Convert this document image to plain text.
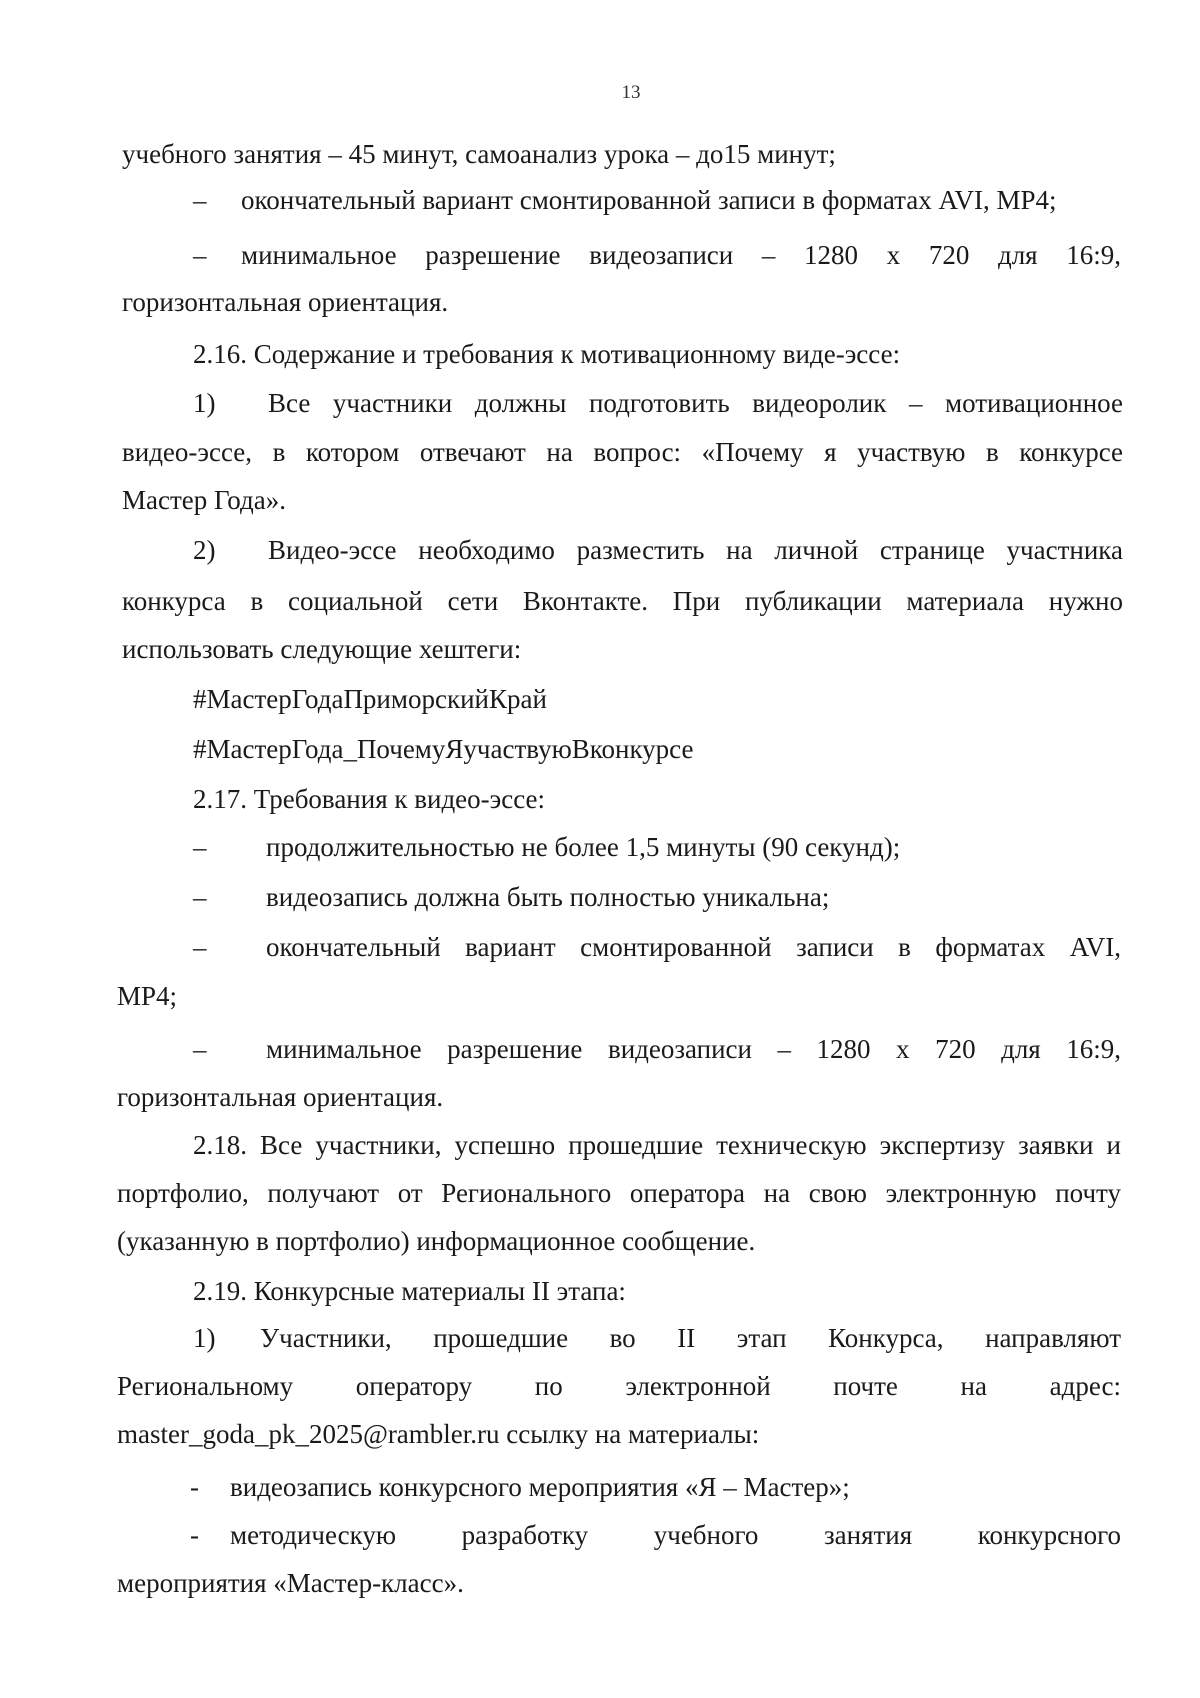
13
учебного занятия – 45 минут, самоанализ урока – до15 минут;
– окончательный вариант смонтированной записи в форматах AVI, MP4;
– минимальное разрешение видеозаписи – 1280 х 720 для 16:9,
горизонтальная ориентация.
2.16. Содержание и требования к мотивационному виде-эссе:
1) Все участники должны подготовить видеоролик – мотивационное
видео-эссе, в котором отвечают на вопрос: «Почему я участвую в конкурсе
Мастер Года».
2) Видео-эссе необходимо разместить на личной странице участника
конкурса в социальной сети Вконтакте. При публикации материала нужно
использовать следующие хештеги:
#МастерГодаПриморскийКрай
#МастерГода_ПочемуЯучаствуюВконкурсе
2.17. Требования к видео-эссе:
– продолжительностью не более 1,5 минуты (90 секунд);
– видеозапись должна быть полностью уникальна;
– окончательный вариант смонтированной записи в форматах AVI,
MP4;
– минимальное разрешение видеозаписи – 1280 х 720 для 16:9,
горизонтальная ориентация.
2.18. Все участники, успешно прошедшие техническую экспертизу заявки и
портфолио, получают от Регионального оператора на свою электронную почту
(указанную в портфолио) информационное сообщение.
2.19. Конкурсные материалы II этапа:
1) Участники, прошедшие во II этап Конкурса, направляют
Региональному оператору по электронной почте на адрес:
master_goda_pk_2025@rambler.ru ссылку на материалы:
- видеозапись конкурсного мероприятия «Я – Мастер»;
- методическую разработку учебного занятия конкурсного
мероприятия «Мастер-класс».
